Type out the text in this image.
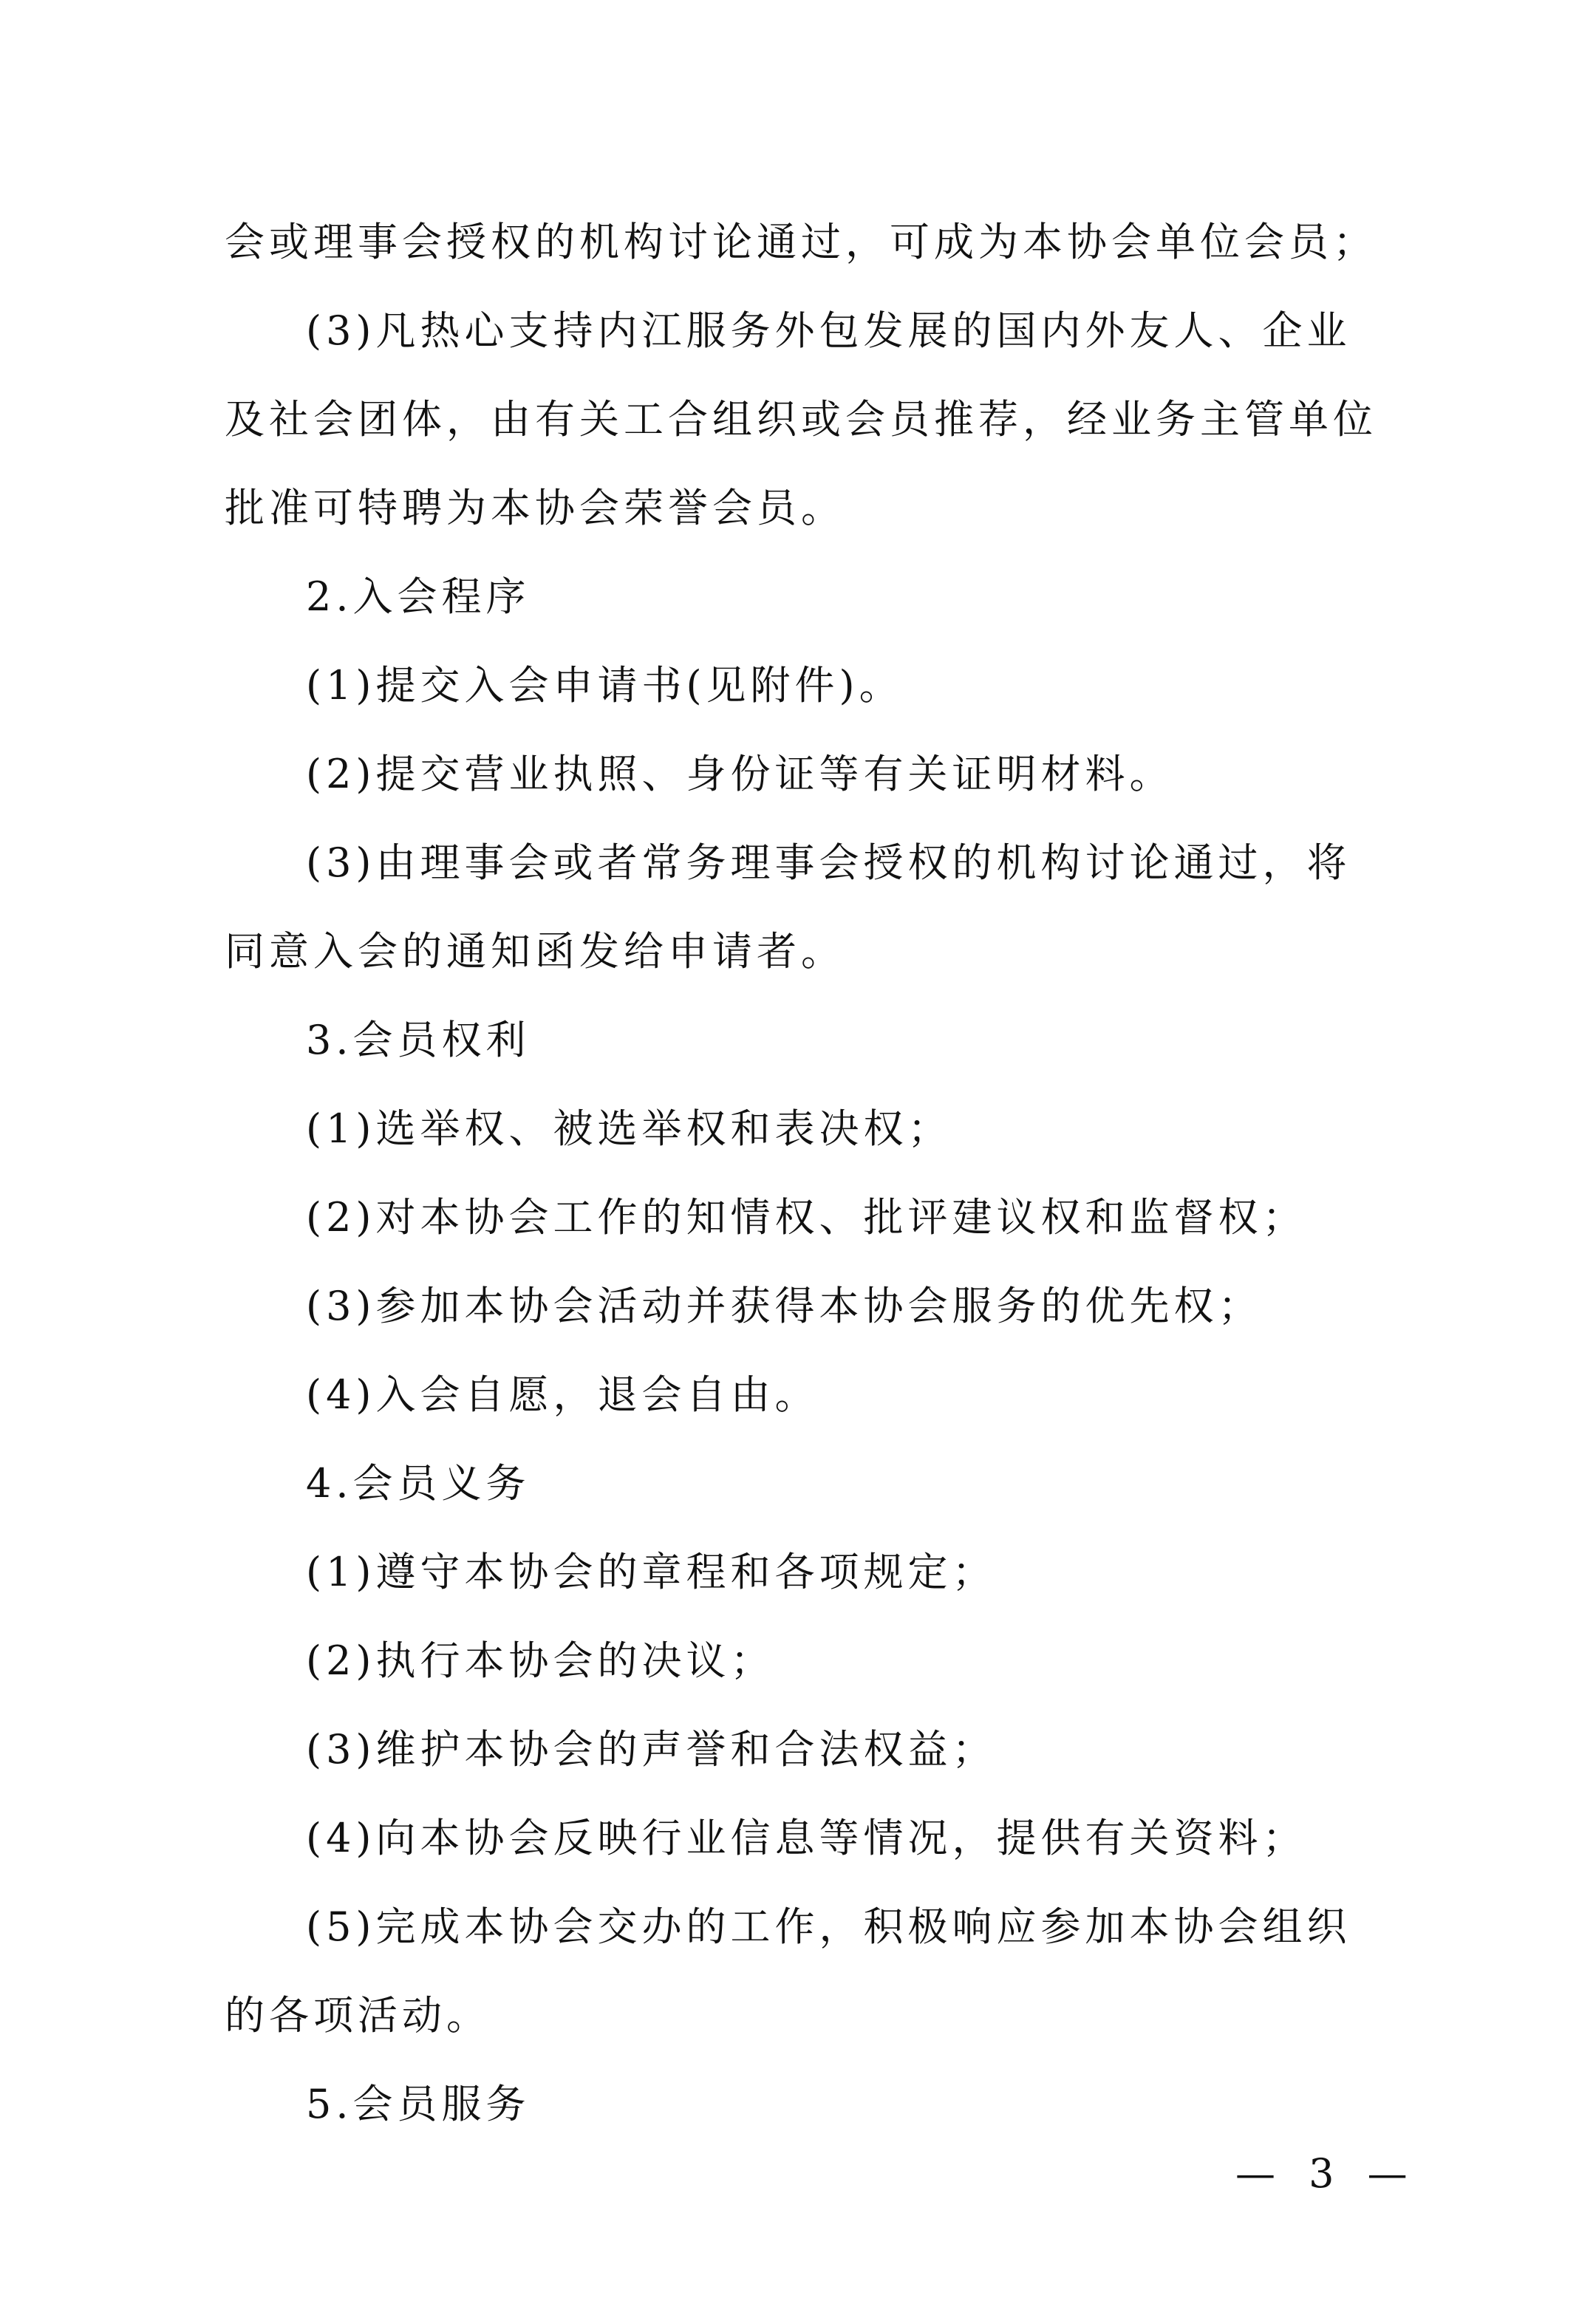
会或理事会授权的机构讨论通过，可成为本协会单位会员；
(3)凡热心支持内江服务外包发展的国内外友人、企业
及社会团体，由有关工合组织或会员推荐，经业务主管单位
批准可特聘为本协会荣誉会员。
2.入会程序
(1)提交入会申请书(见附件)。
(2)提交营业执照、身份证等有关证明材料。
(3)由理事会或者常务理事会授权的机构讨论通过，将
同意入会的通知函发给申请者。
3.会员权利
(1)选举权、被选举权和表决权；
(2)对本协会工作的知情权、批评建议权和监督权；
(3)参加本协会活动并获得本协会服务的优先权；
(4)入会自愿，退会自由。
4.会员义务
(1)遵守本协会的章程和各项规定；
(2)执行本协会的决议；
(3)维护本协会的声誉和合法权益；
(4)向本协会反映行业信息等情况，提供有关资料；
(5)完成本协会交办的工作，积极响应参加本协会组织
的各项活动。
5.会员服务
— 3 —
